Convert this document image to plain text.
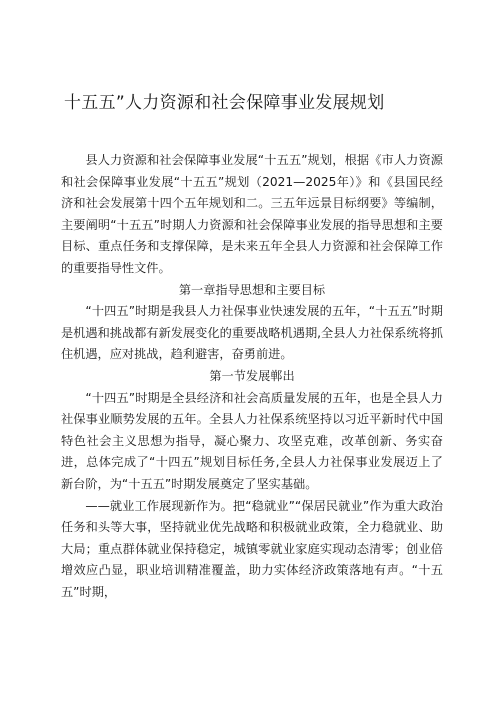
十五五”人力资源和社会保障事业发展规划

县人力资源和社会保障事业发展“十五五”规划，根据《市人力资源和社会保障事业发展“十五五”规划（2021—2025年）》和《县国民经济和社会发展第十四个五年规划和二。三五年远景目标纲要》等编制，主要阐明“十五五”时期人力资源和社会保障事业发展的指导思想和主要目标、重点任务和支撑保障，是未来五年全县人力资源和社会保障工作的重要指导性文件。

第一章指导思想和主要目标

“十四五”时期是我县人力社保事业快速发展的五年，“十五五”时期是机遇和挑战都有新发展变化的重要战略机遇期,全县人力社保系统将抓住机遇，应对挑战，趋利避害，奋勇前进。

第一节发展郸出

“十四五”时期是全县经济和社会高质量发展的五年，也是全县人力社保事业顺势发展的五年。全县人力社保系统坚持以习近平新时代中国特色社会主义思想为指导，凝心聚力、攻坚克难，改革创新、务实奋进，总体完成了“十四五”规划目标任务,全县人力社保事业发展迈上了新台阶，为“十五五”时期发展奠定了坚实基础。

——就业工作展现新作为。把“稳就业”“保居民就业”作为重大政治任务和头等大事，坚持就业优先战略和积极就业政策，全力稳就业、助大局；重点群体就业保持稳定，城镇零就业家庭实现动态清零；创业倍增效应凸显，职业培训精准覆盖，助力实体经济政策落地有声。“十五五”时期，
